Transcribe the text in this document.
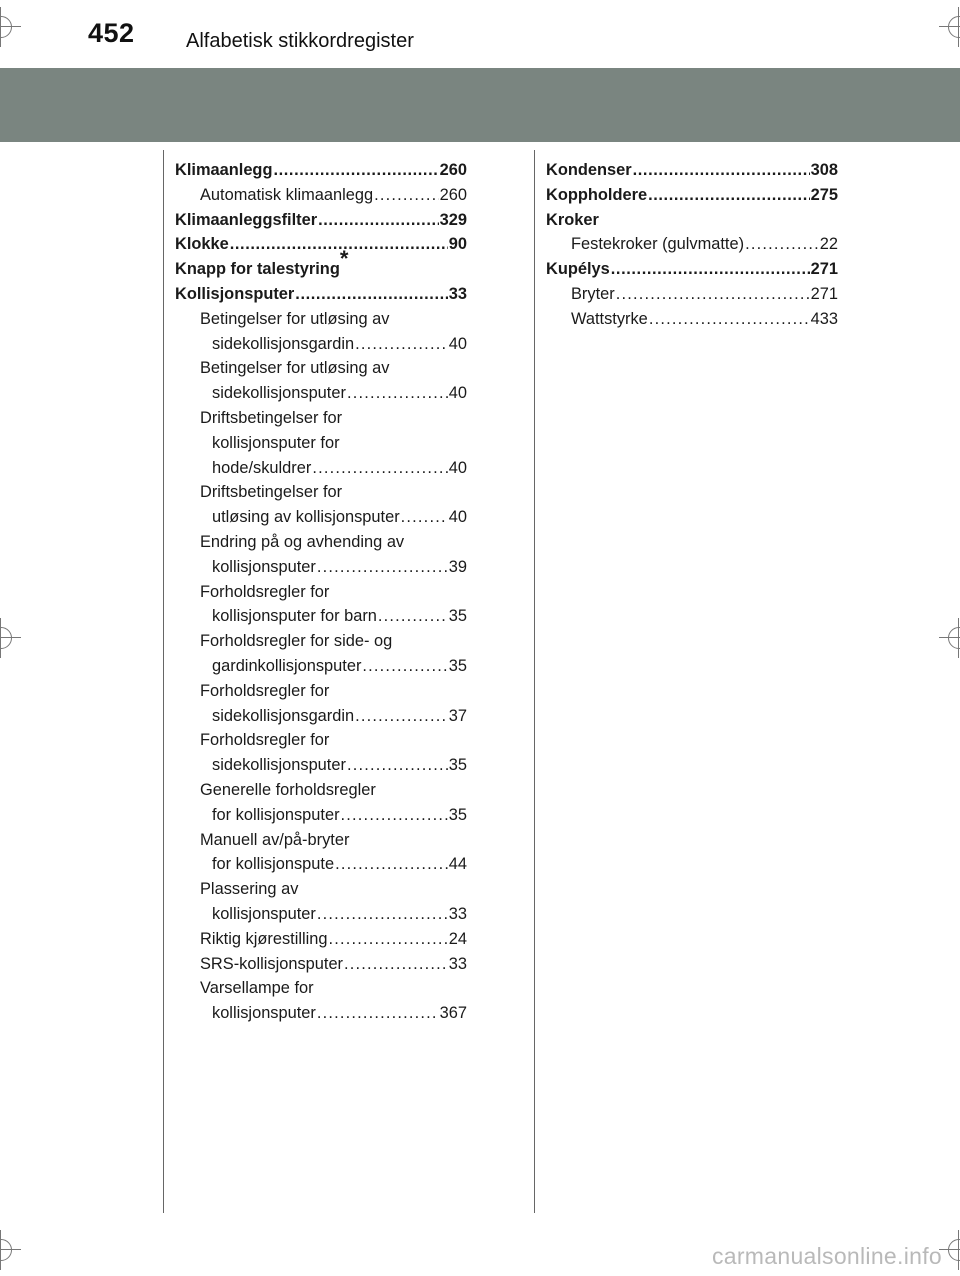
452	Alfabetisk stikkordregister
Klimaanlegg .....	260
Automatisk klimaanlegg .....	260
Klimaanleggsfilter .....	329
Klokke .....	90
Knapp for talestyring*
Kollisjonsputer .....	33
Betingelser for utløsing av
sidekollisjonsgardin .....	40
Betingelser for utløsing av
sidekollisjonsputer .....	40
Driftsbetingelser for
kollisjonsputer for
hode/skuldrer .....	40
Driftsbetingelser for
utløsing av kollisjonsputer .....	40
Endring på og avhending av
kollisjonsputer .....	39
Forholdsregler for
kollisjonsputer for barn .....	35
Forholdsregler for side- og
gardinkollisjonsputer .....	35
Forholdsregler for
sidekollisjonsgardin .....	37
Forholdsregler for
sidekollisjonsputer .....	35
Generelle forholdsregler
for kollisjonsputer .....	35
Manuell av/på-bryter
for kollisjonspute .....	44
Plassering av
kollisjonsputer .....	33
Riktig kjørestilling .....	24
SRS-kollisjonsputer .....	33
Varsellampe for
kollisjonsputer .....	367
Kondenser .....	308
Koppholdere .....	275
Kroker
Festekroker (gulvmatte) .....	22
Kupélys .....	271
Bryter .....	271
Wattstyrke .....	433
carmanualsonline.info
